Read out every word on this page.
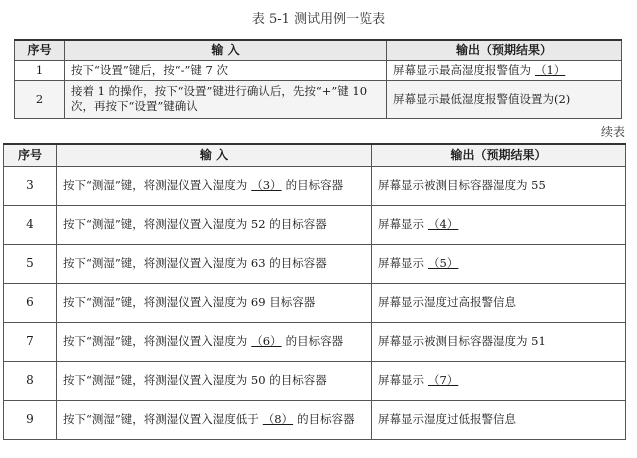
表 5-1 测试用例一览表
序号	输 入	输出（预期结果）
1	按下“设置”键后，按“-”键 7 次	屏幕显示最高湿度报警值为 （1）
2	接着 1 的操作，按下“设置”键进行确认后，先按“+”键 10 次，再按下“设置”键确认	屏幕显示最低湿度报警值设置为(2)
续表
序号	输 入	输出（预期结果）
3	按下“测湿”键，将测湿仪置入湿度为 （3） 的目标容器	屏幕显示被测目标容器湿度为 55
4	按下“测湿”键，将测湿仪置入湿度为 52 的目标容器	屏幕显示 （4）
5	按下“测湿”键，将测湿仪置入湿度为 63 的目标容器	屏幕显示 （5）
6	按下“测湿”键，将测湿仪置入湿度为 69 目标容器	屏幕显示湿度过高报警信息
7	按下“测湿”键，将测湿仪置入湿度为 （6） 的目标容器	屏幕显示被测目标容器湿度为 51
8	按下“测湿”键，将测湿仪置入湿度为 50 的目标容器	屏幕显示 （7）
9	按下“测湿”键，将测湿仪置入湿度低于 （8） 的目标容器	屏幕显示湿度过低报警信息
